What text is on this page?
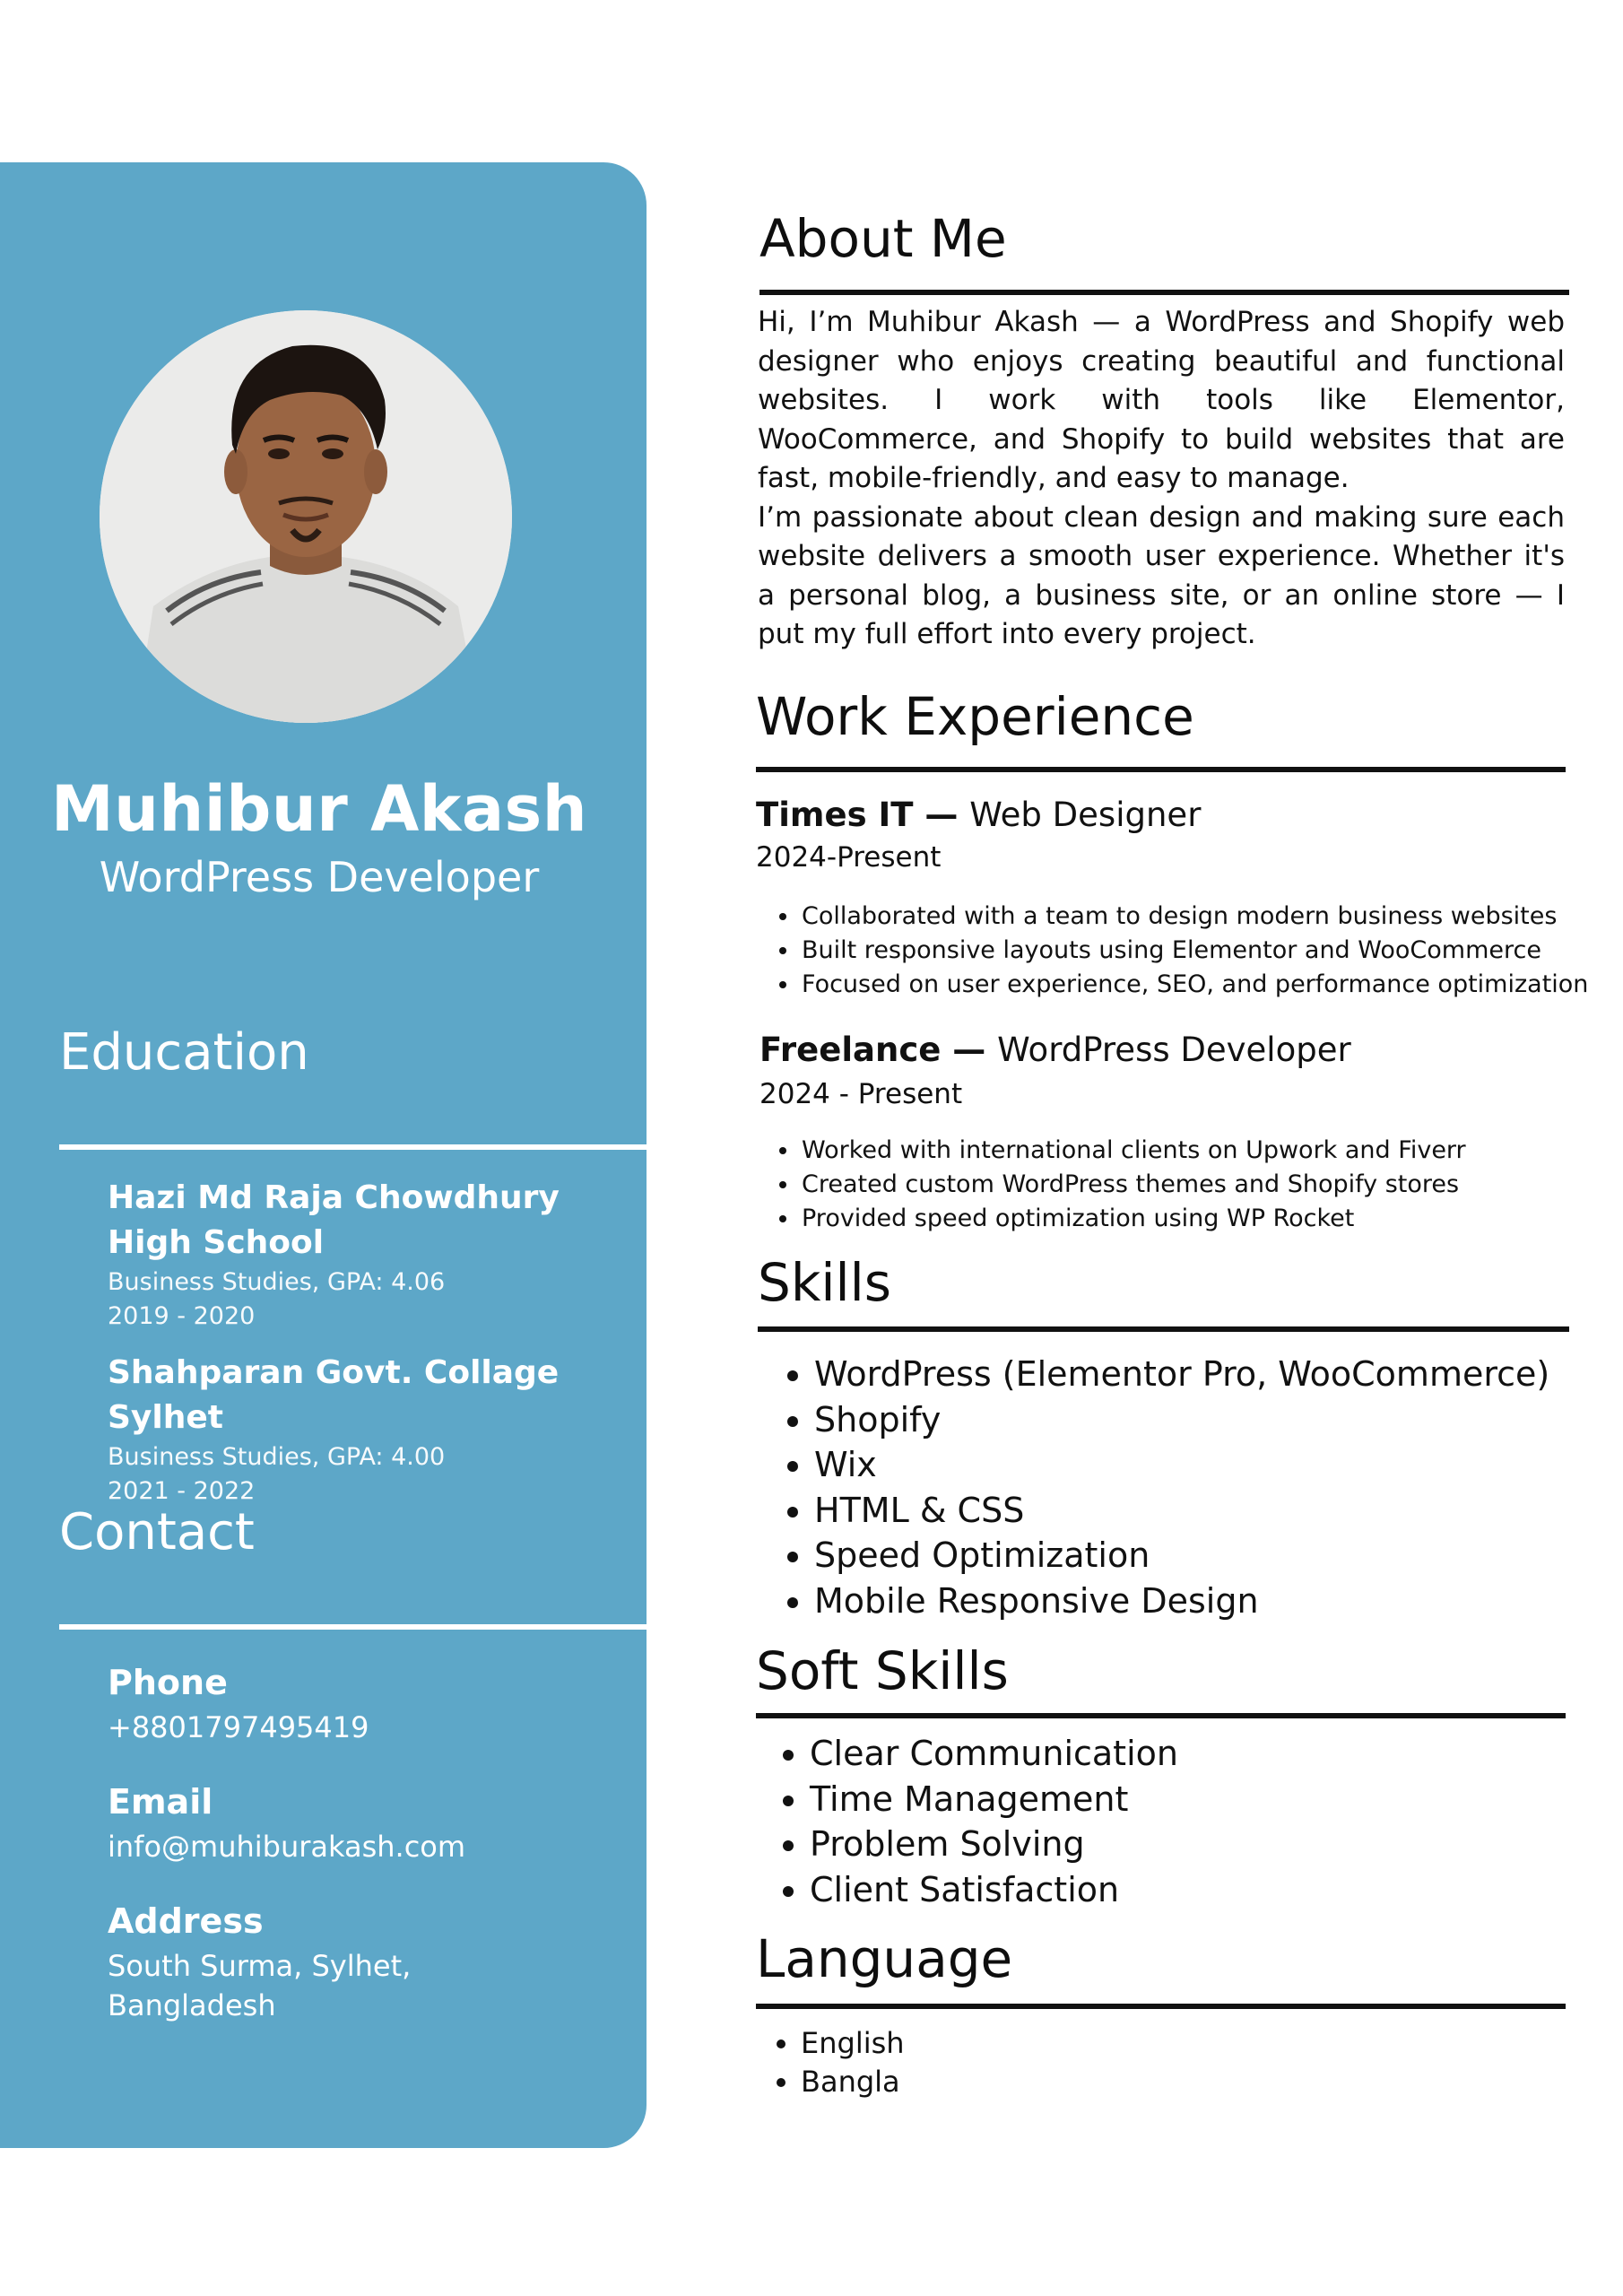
Muhibur Akash
WordPress Developer
Education
Hazi Md Raja Chowdhury High School
Business Studies, GPA: 4.06
2019 - 2020
Shahparan Govt. Collage Sylhet
Business Studies, GPA: 4.00
2021 - 2022
Contact
Phone
+8801797495419
Email
info@muhiburakash.com
Address
South Surma, Sylhet, Bangladesh
About Me

Hi, I’m Muhibur Akash — a WordPress and Shopify web designer who enjoys creating beautiful and functional websites. I work with tools like Elementor, WooCommerce, and Shopify to build websites that are fast, mobile-friendly, and easy to manage.

I’m passionate about clean design and making sure each website delivers a smooth user experience. Whether it's a personal blog, a business site, or an online store — I put my full effort into every project.

Work Experience
Times IT — Web Designer
2024-Present
• Collaborated with a team to design modern business websites
• Built responsive layouts using Elementor and WooCommerce
• Focused on user experience, SEO, and performance optimization
Freelance — WordPress Developer
2024 - Present
• Worked with international clients on Upwork and Fiverr
• Created custom WordPress themes and Shopify stores
• Provided speed optimization using WP Rocket
Skills
• WordPress (Elementor Pro, WooCommerce)
• Shopify
• Wix
• HTML & CSS
• Speed Optimization
• Mobile Responsive Design
Soft Skills
• Clear Communication
• Time Management
• Problem Solving
• Client Satisfaction
Language
• English
• Bangla
